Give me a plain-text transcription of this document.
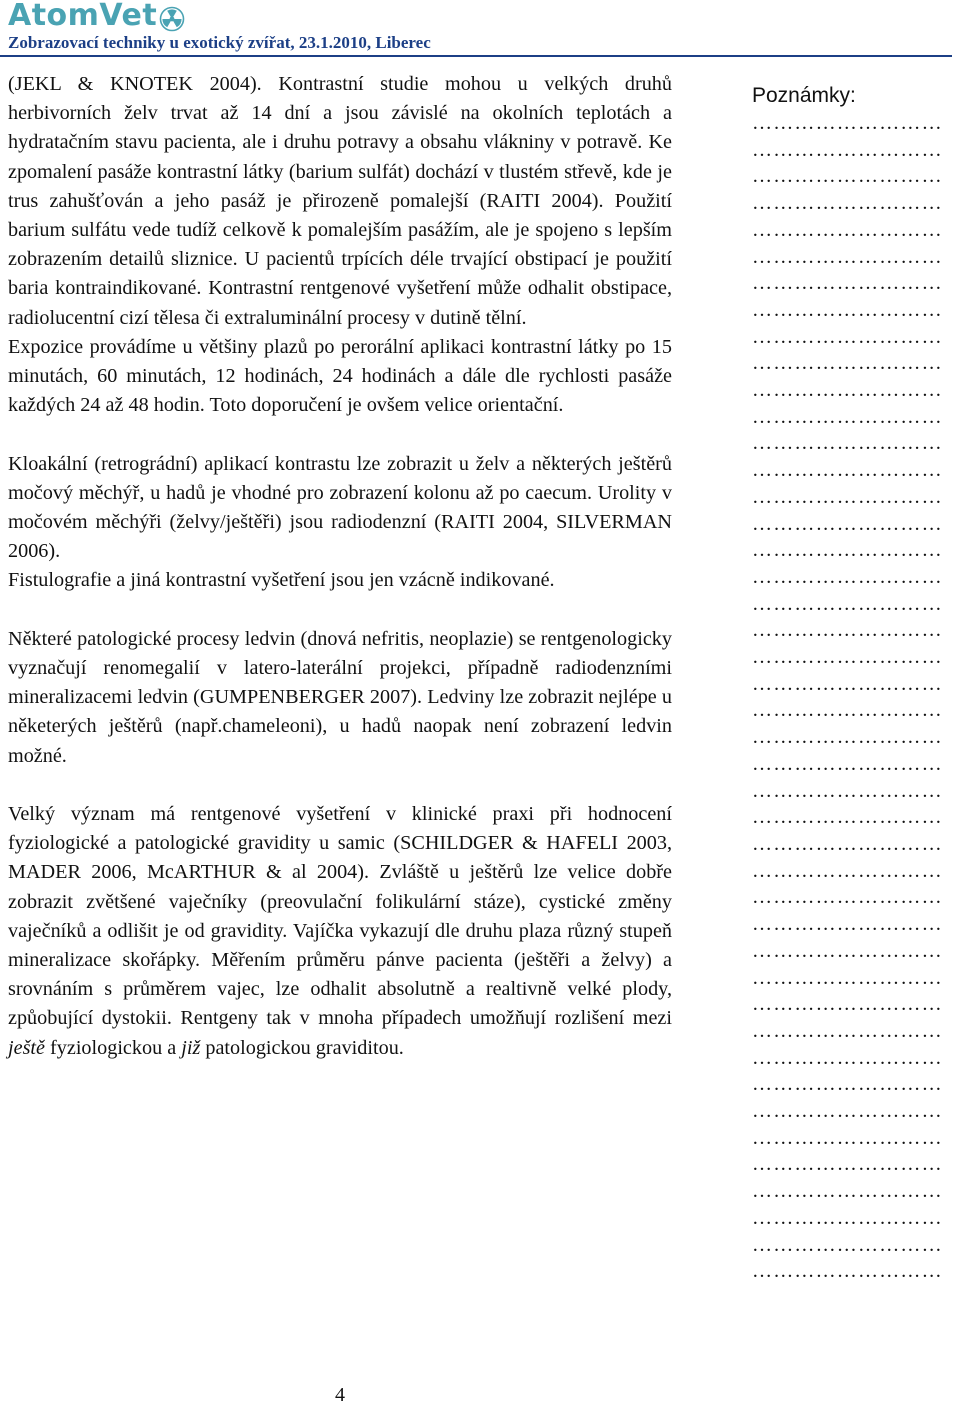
AtomVet
Zobrazovací techniky u exotický zvířat, 23.1.2010, Liberec

(JEKL & KNOTEK 2004). Kontrastní studie mohou u velkých druhů herbivorních želv trvat až 14 dní a jsou závislé na okolních teplotách a hydratačním stavu pacienta, ale i druhu potravy a obsahu vlákniny v potravě. Ke zpomalení pasáže kontrastní látky (barium sulfát) dochází v tlustém střevě, kde je trus zahušťován a jeho pasáž je přirozeně pomalejší (RAITI 2004). Použití barium sulfátu vede tudíž celkově k pomalejším pasážím, ale je spojeno s lepším zobrazením detailů sliznice. U pacientů trpících déle trvající obstipací je použití baria kontraindikované. Kontrastní rentgenové vyšetření může odhalit obstipace, radiolucentní cizí tělesa či extraluminální procesy v dutině tělní.

Expozice provádíme u většiny plazů po perorální aplikaci kontrastní látky po 15 minutách, 60 minutách, 12 hodinách, 24 hodinách a dále dle rychlosti pasáže každých 24 až 48 hodin. Toto doporučení je ovšem velice orientační.

Kloakální (retrográdní) aplikací kontrastu lze zobrazit u želv a některých ještěrů močový měchýř, u hadů je vhodné pro zobrazení kolonu až po caecum. Urolity v močovém měchýři (želvy/ještěři) jsou radiodenzní (RAITI 2004, SILVERMAN 2006).

Fistulografie a jiná kontrastní vyšetření jsou jen vzácně indikované.

Některé patologické procesy ledvin (dnová nefritis, neoplazie) se rentgenologicky vyznačují renomegalií v latero-laterální projekci, případně radiodenzními mineralizacemi ledvin (GUMPENBERGER 2007). Ledviny lze zobrazit nejlépe u něketerých ještěrů (např.chameleoni), u hadů naopak není zobrazení ledvin možné.

Velký význam má rentgenové vyšetření v klinické praxi při hodnocení fyziologické a patologické gravidity u samic (SCHILDGER & HAFELI 2003, MADER 2006, McARTHUR & al 2004). Zvláště u ještěrů lze velice dobře zobrazit zvětšené vaječníky (preovulační folikulární stáze), cystické změny vaječníků a odlišit je od gravidity. Vajíčka vykazují dle druhu plaza různý stupeň mineralizace skořápky. Měřením průměru pánve pacienta (ještěři a želvy) a srovnáním s průměrem vajec, lze odhalit absolutně a realtivně velké plody, způobující dystokii. Rentgeny tak v mnoha případech umožňují rozlišení mezi ještě fyziologickou a již patologickou graviditou.

Poznámky:
………………………
………………………
………………………
………………………
………………………
………………………
………………………
………………………
………………………
………………………
………………………
………………………
………………………
………………………
………………………
………………………
………………………
………………………
………………………
………………………
………………………
………………………
………………………
………………………
………………………
………………………
………………………
………………………
………………………
………………………
………………………
………………………
………………………
………………………
………………………
………………………
………………………
………………………
………………………
………………………
………………………
………………………
………………………
………………………
4
